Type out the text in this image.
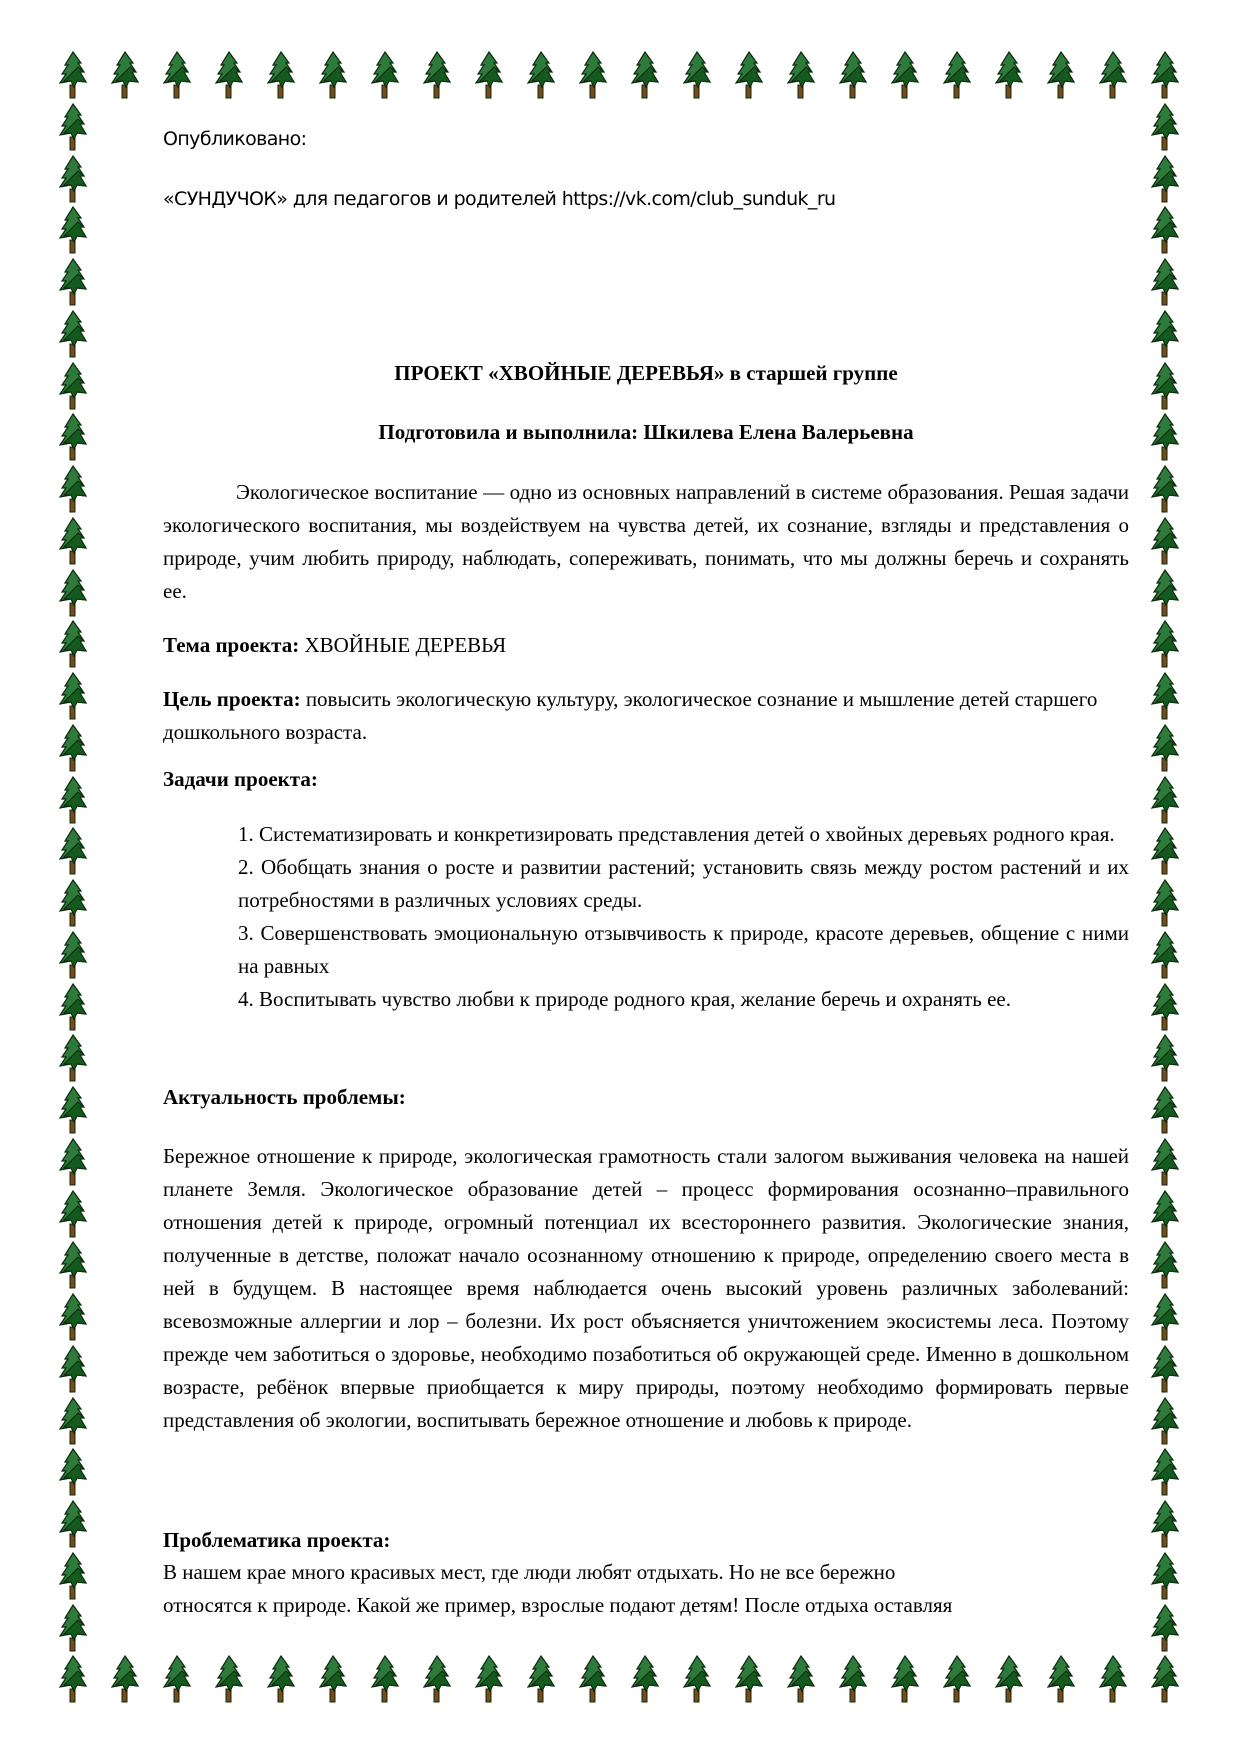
Опубликовано:
«СУНДУЧОК» для педагогов и родителей https://vk.com/club_sunduk_ru
ПРОЕКТ «ХВОЙНЫЕ ДЕРЕВЬЯ» в старшей группе
Подготовила и выполнила: Шкилева Елена Валерьевна
Экологическое воспитание — одно из основных направлений в системе образования. Решая задачи экологического воспитания, мы воздействуем на чувства детей, их сознание, взгляды и представления о природе, учим любить природу, наблюдать, сопереживать, понимать, что мы должны беречь и сохранять ее.
Тема проекта: ХВОЙНЫЕ ДЕРЕВЬЯ
Цель проекта: повысить экологическую культуру, экологическое сознание и мышление детей старшего дошкольного возраста.
Задачи проекта:
1. Систематизировать и конкретизировать представления детей о хвойных деревьях родного края.
2. Обобщать знания о росте и развитии растений; установить связь между ростом растений и их потребностями в различных условиях среды.
3. Совершенствовать эмоциональную отзывчивость к природе, красоте деревьев, общение с ними на равных
4. Воспитывать чувство любви к природе родного края, желание беречь и охранять ее.
Актуальность проблемы:
Бережное отношение к природе, экологическая грамотность стали залогом выживания человека на нашей планете Земля. Экологическое образование детей – процесс формирования осознанно–правильного отношения детей к природе, огромный потенциал их всестороннего развития. Экологические знания, полученные в детстве, положат начало осознанному отношению к природе, определению своего места в ней в будущем. В настоящее время наблюдается очень высокий уровень различных заболеваний: всевозможные аллергии и лор – болезни. Их рост объясняется уничтожением экосистемы леса. Поэтому прежде чем заботиться о здоровье, необходимо позаботиться об окружающей среде. Именно в дошкольном возрасте, ребёнок впервые приобщается к миру природы, поэтому необходимо формировать первые представления об экологии, воспитывать бережное отношение и любовь к природе.
Проблематика проекта:
В нашем крае много красивых мест, где люди любят отдыхать. Но не все бережно
относятся к природе. Какой же пример, взрослые подают детям! После отдыха оставляя
